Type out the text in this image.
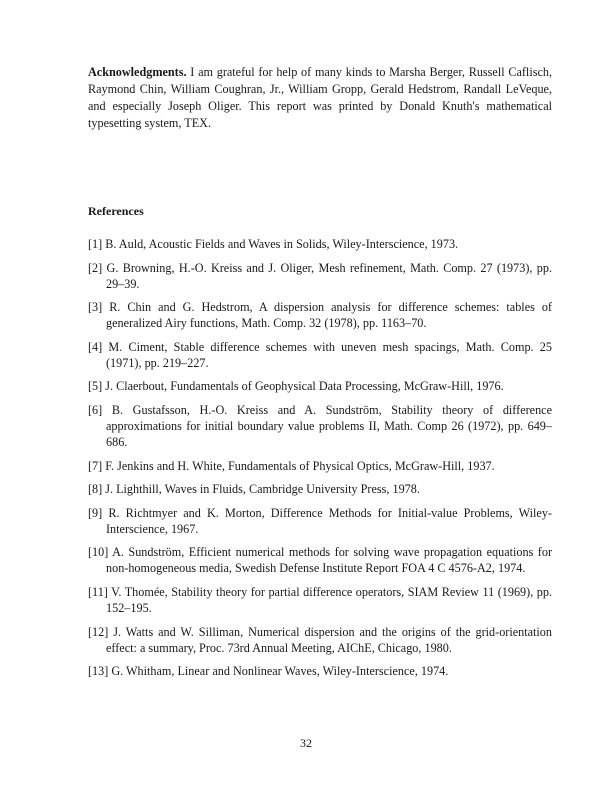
Acknowledgments. I am grateful for help of many kinds to Marsha Berger, Russell Caflisch, Raymond Chin, William Coughran, Jr., William Gropp, Gerald Hedstrom, Randall LeVeque, and especially Joseph Oliger. This report was printed by Donald Knuth's mathematical typesetting system, TEX.
References
[1] B. Auld, Acoustic Fields and Waves in Solids, Wiley-Interscience, 1973.
[2] G. Browning, H.-O. Kreiss and J. Oliger, Mesh refinement, Math. Comp. 27 (1973), pp. 29–39.
[3] R. Chin and G. Hedstrom, A dispersion analysis for difference schemes: tables of generalized Airy functions, Math. Comp. 32 (1978), pp. 1163–70.
[4] M. Ciment, Stable difference schemes with uneven mesh spacings, Math. Comp. 25 (1971), pp. 219–227.
[5] J. Claerbout, Fundamentals of Geophysical Data Processing, McGraw-Hill, 1976.
[6] B. Gustafsson, H.-O. Kreiss and A. Sundström, Stability theory of difference approximations for initial boundary value problems II, Math. Comp 26 (1972), pp. 649–686.
[7] F. Jenkins and H. White, Fundamentals of Physical Optics, McGraw-Hill, 1937.
[8] J. Lighthill, Waves in Fluids, Cambridge University Press, 1978.
[9] R. Richtmyer and K. Morton, Difference Methods for Initial-value Problems, Wiley-Interscience, 1967.
[10] A. Sundström, Efficient numerical methods for solving wave propagation equations for non-homogeneous media, Swedish Defense Institute Report FOA 4 C 4576-A2, 1974.
[11] V. Thomée, Stability theory for partial difference operators, SIAM Review 11 (1969), pp. 152–195.
[12] J. Watts and W. Silliman, Numerical dispersion and the origins of the grid-orientation effect: a summary, Proc. 73rd Annual Meeting, AIChE, Chicago, 1980.
[13] G. Whitham, Linear and Nonlinear Waves, Wiley-Interscience, 1974.
32
